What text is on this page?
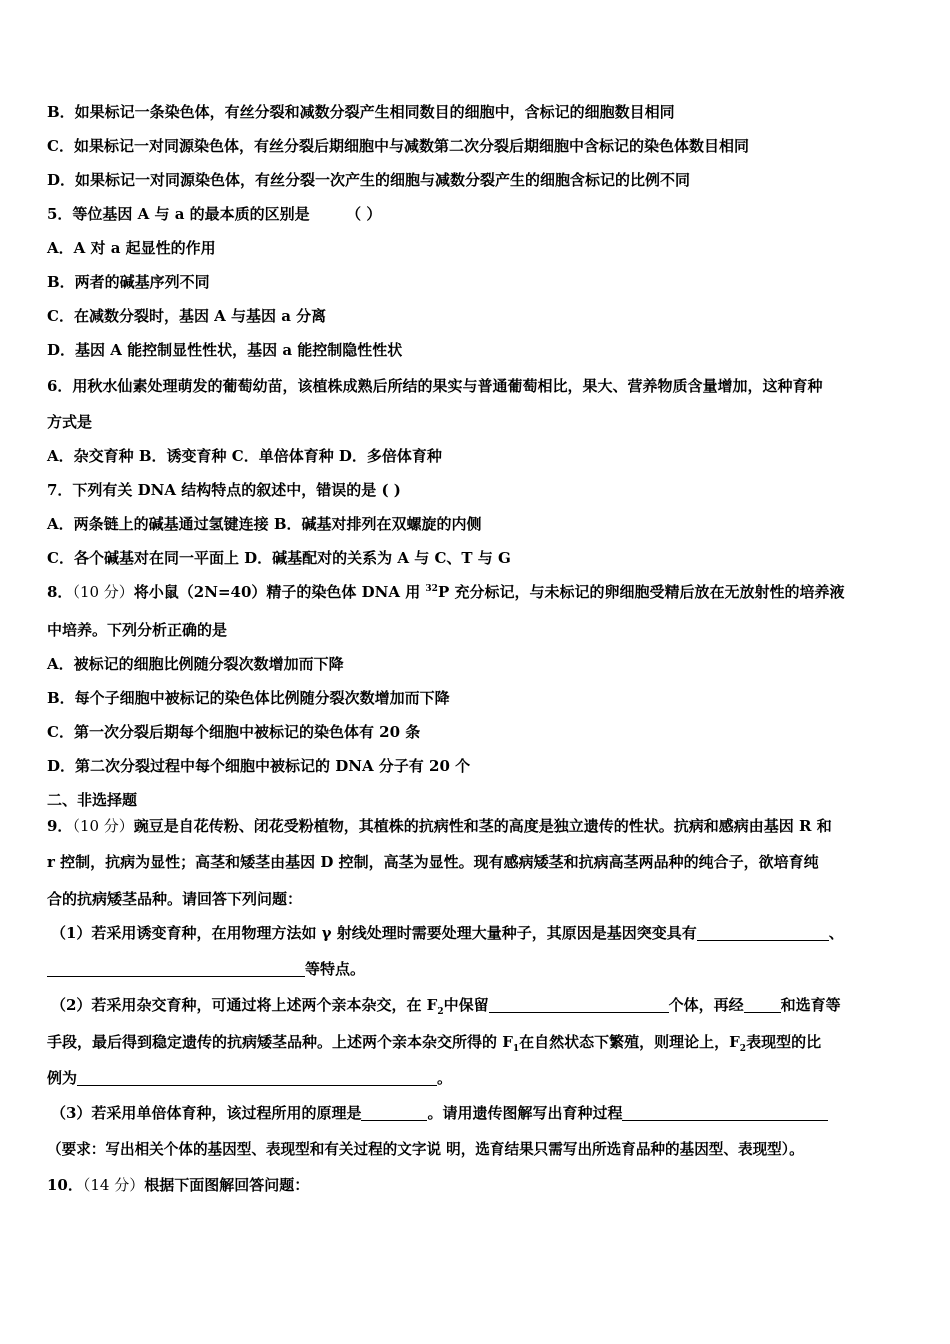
B．如果标记一条染色体，有丝分裂和减数分裂产生相同数目的细胞中，含标记的细胞数目相同
C．如果标记一对同源染色体，有丝分裂后期细胞中与减数第二次分裂后期细胞中含标记的染色体数目相同
D．如果标记一对同源染色体，有丝分裂一次产生的细胞与减数分裂产生的细胞含标记的比例不同
5．等位基因 A 与 a 的最本质的区别是 （ ）
A．A 对 a 起显性的作用
B．两者的碱基序列不同
C．在减数分裂时，基因 A 与基因 a 分离
D．基因 A 能控制显性性状，基因 a 能控制隐性性状
6．用秋水仙素处理萌发的葡萄幼苗，该植株成熟后所结的果实与普通葡萄相比，果大、营养物质含量增加，这种育种
方式是
A．杂交育种 B．诱变育种 C．单倍体育种 D．多倍体育种
7．下列有关 DNA 结构特点的叙述中，错误的是 ( )
A．两条链上的碱基通过氢键连接 B．碱基对排列在双螺旋的内侧
C．各个碱基对在同一平面上 D．碱基配对的关系为 A 与 C、T 与 G
8．（10 分）将小鼠（2N=40）精子的染色体 DNA 用 $^{32}$P 充分标记，与未标记的卵细胞受精后放在无放射性的培养液
中培养。下列分析正确的是
A．被标记的细胞比例随分裂次数增加而下降
B．每个子细胞中被标记的染色体比例随分裂次数增加而下降
C．第一次分裂后期每个细胞中被标记的染色体有 20 条
D．第二次分裂过程中每个细胞中被标记的 DNA 分子有 20 个
二、非选择题
9．（10 分）豌豆是自花传粉、闭花受粉植物，其植株的抗病性和茎的高度是独立遗传的性状。抗病和感病由基因 R 和
r 控制，抗病为显性；高茎和矮茎由基因 D 控制，高茎为显性。现有感病矮茎和抗病高茎两品种的纯合子，欲培育纯
合的抗病矮茎品种。请回答下列问题：
（1）若采用诱变育种，在用物理方法如 γ 射线处理时需要处理大量种子，其原因是基因突变具有	、
等特点。
（2）若采用杂交育种，可通过将上述两个亲本杂交，在 $F_2$中保留	个体，再经 和选育等
手段，最后得到稳定遗传的抗病矮茎品种。上述两个亲本杂交所得的 $F_1$在自然状态下繁殖，则理论上，$F_2$表现型的比
例为	。
（3）若采用单倍体育种，该过程所用的原理是	。请用遗传图解写出育种过程
（要求：写出相关个体的基因型、表现型和有关过程的文字说 明，选育结果只需写出所选育品种的基因型、表现型）。
10．（14 分）根据下面图解回答问题：
